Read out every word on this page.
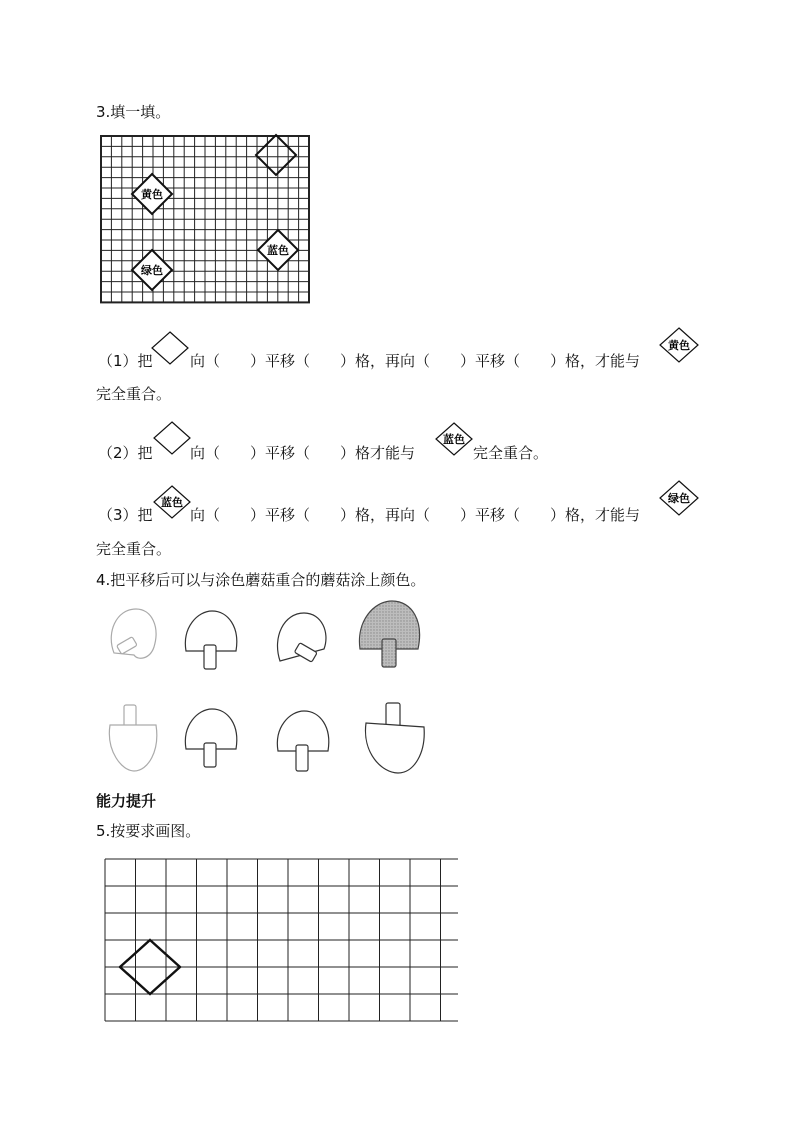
3.填一填。
黄色
蓝色
绿色
（1）把 向（　　）平移（　　）格，再向（　　）平移（　　）格，才能与
黄色
完全重合。
（2）把 向（　　）平移（　　）格才能与
蓝色
完全重合。
（3）把
蓝色
向（　　）平移（　　）格，再向（　　）平移（　　）格，才能与
绿色
完全重合。
4.把平移后可以与涂色蘑菇重合的蘑菇涂上颜色。
能力提升
5.按要求画图。
